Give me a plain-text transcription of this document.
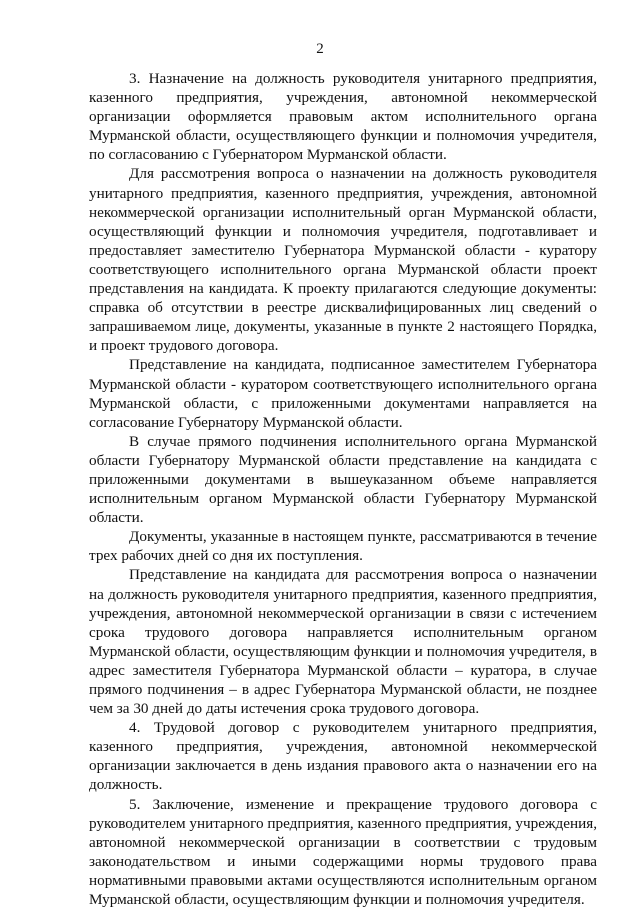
2

3. Назначение на должность руководителя унитарного предприятия, казенного предприятия, учреждения, автономной некоммерческой организации оформляется правовым актом исполнительного органа Мурманской области, осуществляющего функции и полномочия учредителя, по согласованию с Губернатором Мурманской области.

Для рассмотрения вопроса о назначении на должность руководителя унитарного предприятия, казенного предприятия, учреждения, автономной некоммерческой организации исполнительный орган Мурманской области, осуществляющий функции и полномочия учредителя, подготавливает и предоставляет заместителю Губернатора Мурманской области - куратору соответствующего исполнительного органа Мурманской области проект представления на кандидата. К проекту прилагаются следующие документы: справка об отсутствии в реестре дисквалифицированных лиц сведений о запрашиваемом лице, документы, указанные в пункте 2 настоящего Порядка, и проект трудового договора.

Представление на кандидата, подписанное заместителем Губернатора Мурманской области - куратором соответствующего исполнительного органа Мурманской области, с приложенными документами направляется на согласование Губернатору Мурманской области.

В случае прямого подчинения исполнительного органа Мурманской области Губернатору Мурманской области представление на кандидата с приложенными документами в вышеуказанном объеме направляется исполнительным органом Мурманской области Губернатору Мурманской области.

Документы, указанные в настоящем пункте, рассматриваются в течение трех рабочих дней со дня их поступления.

Представление на кандидата для рассмотрения вопроса о назначении на должность руководителя унитарного предприятия, казенного предприятия, учреждения, автономной некоммерческой организации в связи с истечением срока трудового договора направляется исполнительным органом Мурманской области, осуществляющим функции и полномочия учредителя, в адрес заместителя Губернатора Мурманской области – куратора, в случае прямого подчинения – в адрес Губернатора Мурманской области, не позднее чем за 30 дней до даты истечения срока трудового договора.

4. Трудовой договор с руководителем унитарного предприятия, казенного предприятия, учреждения, автономной некоммерческой организации заключается в день издания правового акта о назначении его на должность.

5. Заключение, изменение и прекращение трудового договора с руководителем унитарного предприятия, казенного предприятия, учреждения, автономной некоммерческой организации в соответствии с трудовым законодательством и иными содержащими нормы трудового права нормативными правовыми актами осуществляются исполнительным органом Мурманской области, осуществляющим функции и полномочия учредителя.
